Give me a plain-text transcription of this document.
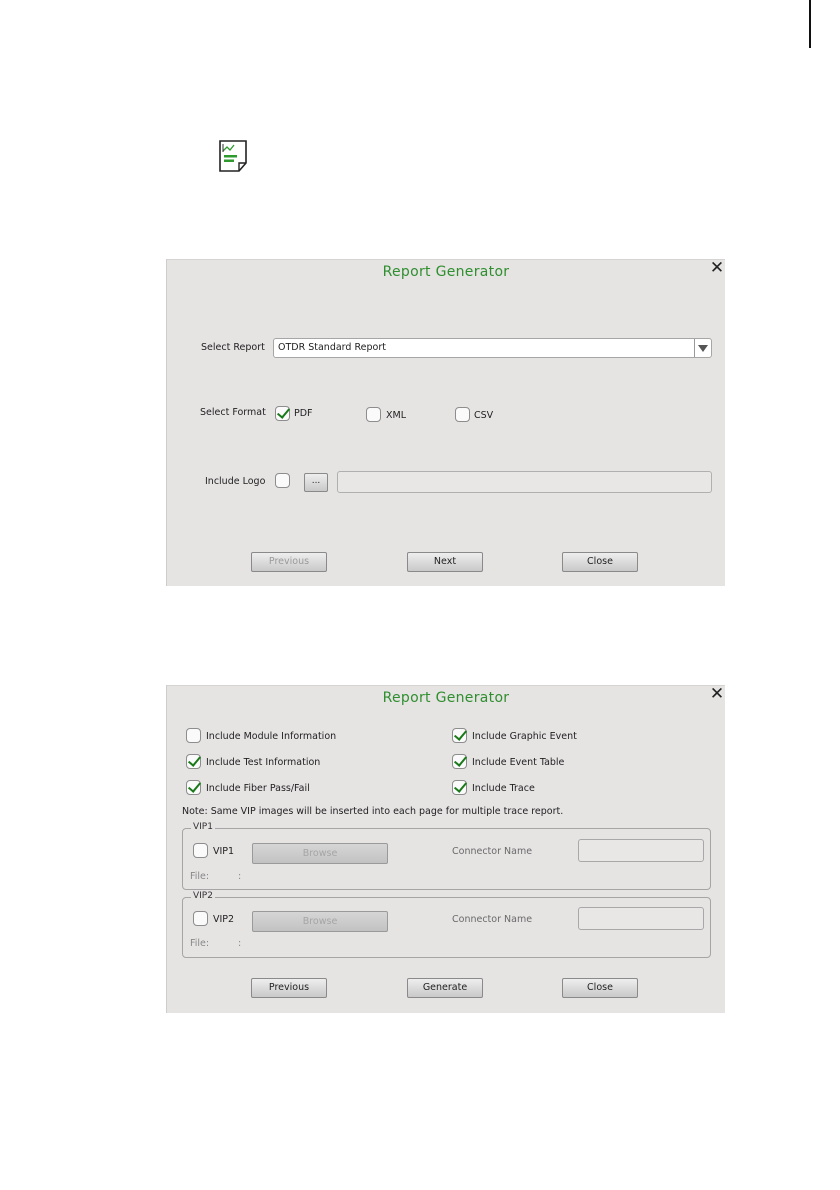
Report Generator	✕
Select Report OTDR Standard Report
Select Format	PDF	XML	CSV
Include Logo	...
Previous	Next	Close
Report Generator	✕
Include Module Information	Include Graphic Event
Include Test Information	Include Event Table
Include Fiber Pass/Fail	Include Trace
Note: Same VIP images will be inserted into each page for multiple trace report.
VIP1
VIP1	Browse	Connector Name
File:	:
VIP2
VIP2	Browse	Connector Name
File:	:
Previous	Generate	Close
